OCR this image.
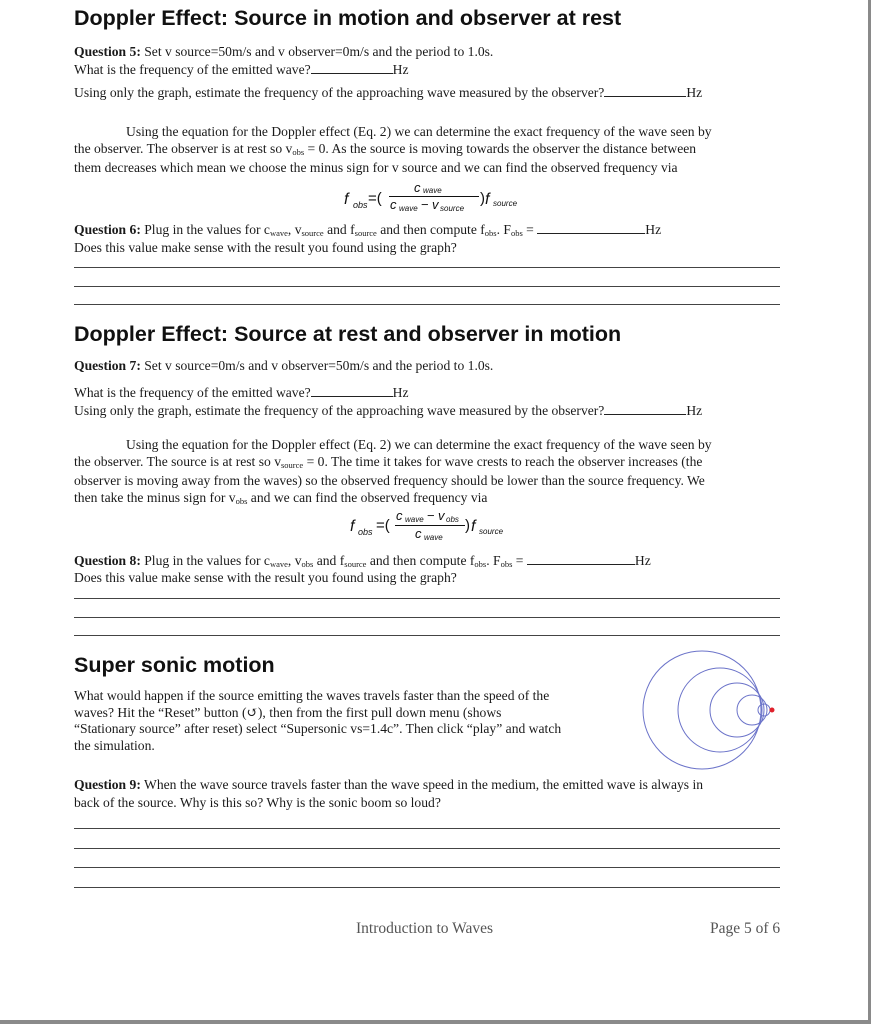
Doppler Effect: Source in motion and observer at rest
Question 5: Set v source=50m/s and v observer=0m/s and the period to 1.0s.
What is the frequency of the emitted wave?	Hz
Using only the graph, estimate the frequency of the approaching wave measured by the observer?	Hz
Using the equation for the Doppler effect (Eq. 2) we can determine the exact frequency of the wave seen by
the observer. The observer is at rest so $v_{obs} = 0$. As the source is moving towards the observer the distance between
them decreases which mean we choose the minus sign for v source and we can find the observed frequency via
f obs =(
c wave
c wave − v source
) f source
Question 6: Plug in the values for $c_{wave}$, $v_{source}$ and $f_{source}$ and then compute $f_{obs}$. $F_{obs}$ =	Hz
Does this value make sense with the result you found using the graph?
Doppler Effect: Source at rest and observer in motion
Question 7: Set v source=0m/s and v observer=50m/s and the period to 1.0s.
What is the frequency of the emitted wave?	Hz
Using only the graph, estimate the frequency of the approaching wave measured by the observer?	Hz
Using the equation for the Doppler effect (Eq. 2) we can determine the exact frequency of the wave seen by
the observer. The source is at rest so $v_{source} = 0$. The time it takes for wave crests to reach the observer increases (the
observer is moving away from the waves) so the observed frequency should be lower than the source frequency. We
then take the minus sign for $v_{obs}$ and we can find the observed frequency via
f obs =(
c wave − v obs
c wave
) f source
Question 8: Plug in the values for $c_{wave}$, $v_{obs}$ and $f_{source}$ and then compute $f_{obs}$. $F_{obs}$ =	Hz
Does this value make sense with the result you found using the graph?
Super sonic motion
What would happen if the source emitting the waves travels faster than the speed of the
waves? Hit the “Reset” button (↺), then from the first pull down menu (shows
“Stationary source” after reset) select “Supersonic vs=1.4c”. Then click “play” and watch
the simulation.
Question 9: When the wave source travels faster than the wave speed in the medium, the emitted wave is always in
back of the source. Why is this so? Why is the sonic boom so loud?
Introduction to Waves	Page 5 of 6
